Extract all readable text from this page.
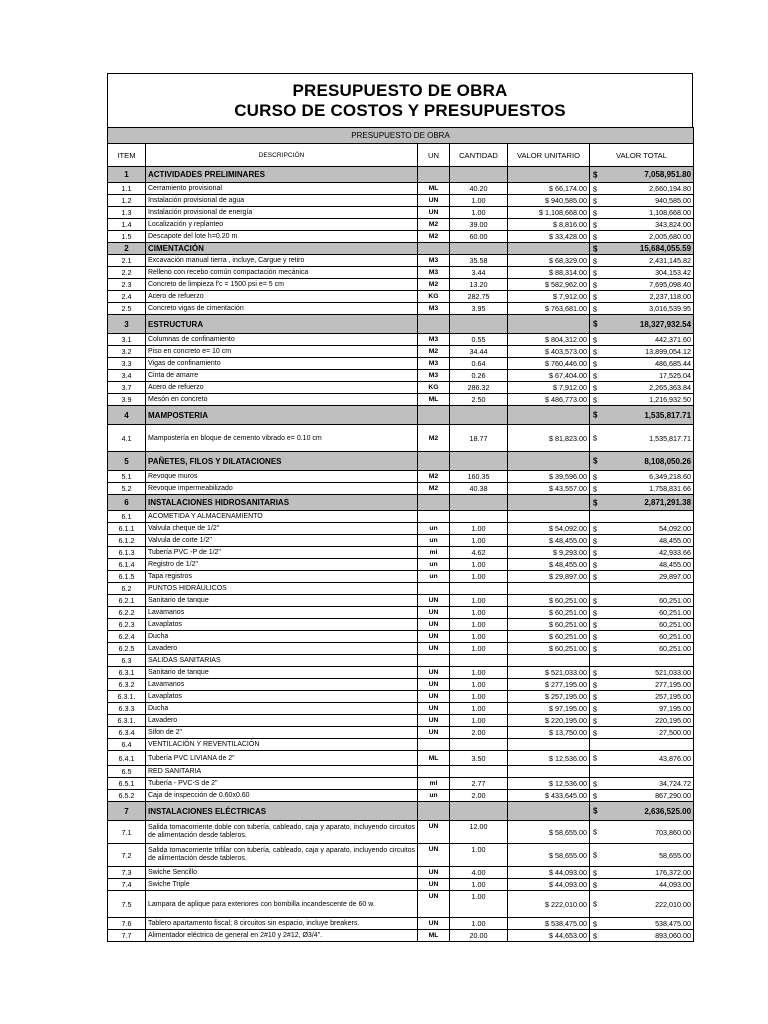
PRESUPUESTO DE OBRA
CURSO DE COSTOS Y PRESUPUESTOS
PRESUPUESTO DE OBRA					
ITEM	DESCRIPCIÓN	UN	CANTIDAD	VALOR UNITARIO	VALOR TOTAL
1	ACTIVIDADES PRELIMINARES				$ 7,058,951.80
1.1	Cerramiento provisional	ML	40.20	$ 66,174.00	$ 2,660,194.80
1.2	Instalación provisional de agua	UN	1.00	$ 940,585.00	$ 940,585.00
1.3	Instalación provisional de energía	UN	1.00	$ 1,108,668.00	$ 1,108,668.00
1.4	Localización y replanteo	M2	39.00	$ 8,816.00	$ 343,824.00
1.5	Descapote del lote h=0.20 m	M2	60.00	$ 33,428.00	$ 2,005,680.00
2	CIMENTACIÓN				$ 15,684,055.59
2.1	Excavación manual tierra , incluye, Cargue y retiro	M3	35.58	$ 68,329.00	$ 2,431,145.82
2.2	Relleno con recebo común compactación mecánica	M3	3.44	$ 88,314.00	$ 304,153.42
2.3	Concreto de limpieza f'c = 1500 psi e= 5 cm	M2	13.20	$ 582,962.00	$ 7,695,098.40
2.4	Acero de refuerzo	KG	282.75	$ 7,912.00	$ 2,237,118.00
2.5	Concreto vigas de cimentación	M3	3.95	$ 763,681.00	$ 3,016,539.95
3	ESTRUCTURA				$ 18,327,932.54
3.1	Columnas de confinamiento	M3	0.55	$ 804,312.00	$ 442,371.60
3.2	Piso en concreto e= 10 cm	M2	34.44	$ 403,573.00	$ 13,899,054.12
3.3	Vigas de confinamiento	M3	0.64	$ 760,446.00	$ 486,685.44
3.4	Cinta de amarre	M3	0.26	$ 67,404.00	$ 17,525.04
3.7	Acero de refuerzo	KG	286.32	$ 7,912.00	$ 2,265,363.84
3.9	Mesón en concreto	ML	2.50	$ 486,773.00	$ 1,216,932.50
4	MAMPOSTERIA				$ 1,535,817.71
4.1	Mampostería en bloque de cemento vibrado e= 0.10 cm	M2	18.77	$ 81,823.00	$ 1,535,817.71
5	PAÑETES, FILOS Y DILATACIONES				$ 8,108,050.26
5.1	Revoque muros	M2	160.35	$ 39,596.00	$ 6,349,218.60
5.2	Revoque impermeabilizado	M2	40.38	$ 43,557.00	$ 1,758,831.66
6	INSTALACIONES HIDROSANITARIAS				$ 2,871,291.38
6.1	ACOMETIDA Y ALMACENAMIENTO				
6.1.1	Valvula cheque de 1/2"	un	1.00	$ 54,092.00	$ 54,092.00
6.1.2	Valvula de corte 1/2"	un	1.00	$ 48,455.00	$ 48,455.00
6.1.3	Tubería PVC -P de 1/2"	ml	4.62	$ 9,293.00	$ 42,933.66
6.1.4	Registro de 1/2"	un	1.00	$ 48,455.00	$ 48,455.00
6.1.5	Tapa registros	un	1.00	$ 29,897.00	$ 29,897.00
6.2	PUNTOS HIDRÁULICOS				
6.2.1	Sanitario de tanque	UN	1.00	$ 60,251.00	$ 60,251.00
6.2.2	Lavamanos	UN	1.00	$ 60,251.00	$ 60,251.00
6.2.3	Lavaplatos	UN	1.00	$ 60,251.00	$ 60,251.00
6.2.4	Ducha	UN	1.00	$ 60,251.00	$ 60,251.00
6.2.5	Lavadero	UN	1.00	$ 60,251.00	$ 60,251.00
6.3	SALIDAS SANITARIAS				
6.3.1	Sanitario de tanque	UN	1.00	$ 521,033.00	$ 521,033.00
6.3.2	Lavamanos	UN	1.00	$ 277,195.00	$ 277,195.00
6.3.1.	Lavaplatos	UN	1.00	$ 257,195.00	$ 257,195.00
6.3.3	Ducha	UN	1.00	$ 97,195.00	$ 97,195.00
6.3.1.	Lavadero	UN	1.00	$ 220,195.00	$ 220,195.00
6.3.4	Sifon de 2"	UN	2.00	$ 13,750.00	$ 27,500.00
6.4	VENTILACIÓN Y REVENTILACIÓN				
6.4.1	Tubería PVC LIVIANA de 2"	ML	3.50	$ 12,536.00	$ 43,876.00
6.5	RED SANITARIA				
6.5.1	Tubería - PVC-S de 2"	ml	2.77	$ 12,536.00	$ 34,724.72
6.5.2	Caja de inspección de 0.60x0.60	un	2.00	$ 433,645.00	$ 867,290.00
7	INSTALACIONES ELÉCTRICAS				$ 2,636,525.00
7.1	Salida tomacorriente doble con tubería, cableado, caja y aparato, incluyendo circuitos de alimentación desde tableros.	UN	12.00	$ 58,655.00	$ 703,860.00
7.2	Salida tomacorriente trifilar con tubería, cableado, caja y aparato, incluyendo circuitos de alimentación desde tableros.	UN	1.00	$ 58,655.00	$ 58,655.00
7.3	Swiche Sencillo	UN	4.00	$ 44,093.00	$ 176,372.00
7.4	Swiche Triple	UN	1.00	$ 44,093.00	$ 44,093.00
7.5	Lampara de aplique para exteriores con bombilla incandescente de 60 w.	UN	1.00	$ 222,010.00	$ 222,010.00
7.6	Tablero apartamento fiscal; 8 circuitos sin espacio, incluye breakers.	UN	1.00	$ 538,475.00	$ 538,475.00
7.7	Alimentador eléctrico de general en 2#10 y 2#12, Ø3/4".	ML	20.00	$ 44,653.00	$ 893,060.00
